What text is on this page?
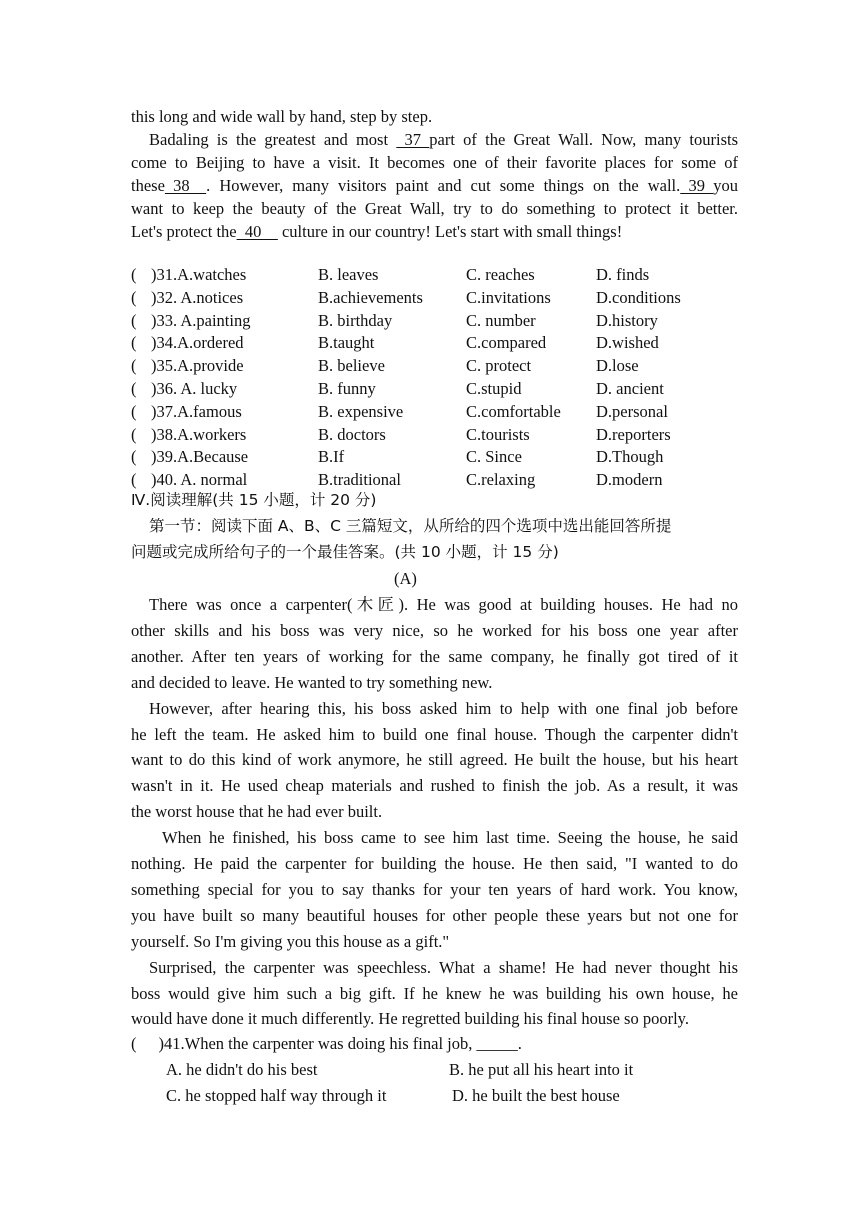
this long and wide wall by hand, step by step.
Badaling is the greatest and most   37  part of the Great Wall. Now, many tourists
come to Beijing to have a visit. It becomes one of their favorite places for some of
these  38    . However, many visitors paint and cut some things on the wall.  39  you
want to keep the beauty of the Great Wall, try to do something to protect it better.
Let's protect the  40     culture in our country! Let's start with small things!
( )31.A.watches	B. leaves	C. reaches	D. finds
( )32. A.notices	B.achievements	C.invitations	D.conditions
( )33. A.painting	B. birthday	C. number	D.history
( )34.A.ordered	B.taught	C.compared	D.wished
( )35.A.provide	B. believe	C. protect	D.lose
( )36. A. lucky	B. funny	C.stupid	D. ancient
( )37.A.famous	B. expensive	C.comfortable D.personal
( )38.A.workers	B. doctors	C.tourists	D.reporters
( )39.A.Because	B.If	C. Since	D.Though
( )40. A. normal	B.traditional	C.relaxing	D.modern
Ⅳ.阅读理解(共 15 小题，计 20 分)
第一节：阅读下面 A、B、C 三篇短文，从所给的四个选项中选出能回答所提
问题或完成所给句子的一个最佳答案。(共 10 小题，计 15 分)
(A)
There was once a carpenter(木匠). He was good at building houses. He had no
other skills and his boss was very nice, so he worked for his boss one year after
another. After ten years of working for the same company, he finally got tired of it
and decided to leave. He wanted to try something new.
However, after hearing this, his boss asked him to help with one final job before
he left the team. He asked him to build one final house. Though the carpenter didn't
want to do this kind of work anymore, he still agreed. He built the house, but his heart
wasn't in it. He used cheap materials and rushed to finish the job. As a result, it was
the worst house that he had ever built.
When he finished, his boss came to see him last time. Seeing the house, he said
nothing. He paid the carpenter for building the house. He then said, "I wanted to do
something special for you to say thanks for your ten years of hard work. You know,
you have built so many beautiful houses for other people these years but not one for
yourself. So I'm giving you this house as a gift."
Surprised, the carpenter was speechless. What a shame! He had never thought his
boss would give him such a big gift. If he knew he was building his own house, he
would have done it much differently. He regretted building his final house so poorly.
( )41.When the carpenter was doing his final job, _____.
A. he didn't do his best	B. he put all his heart into it
C. he stopped half way through it	D. he built the best house
